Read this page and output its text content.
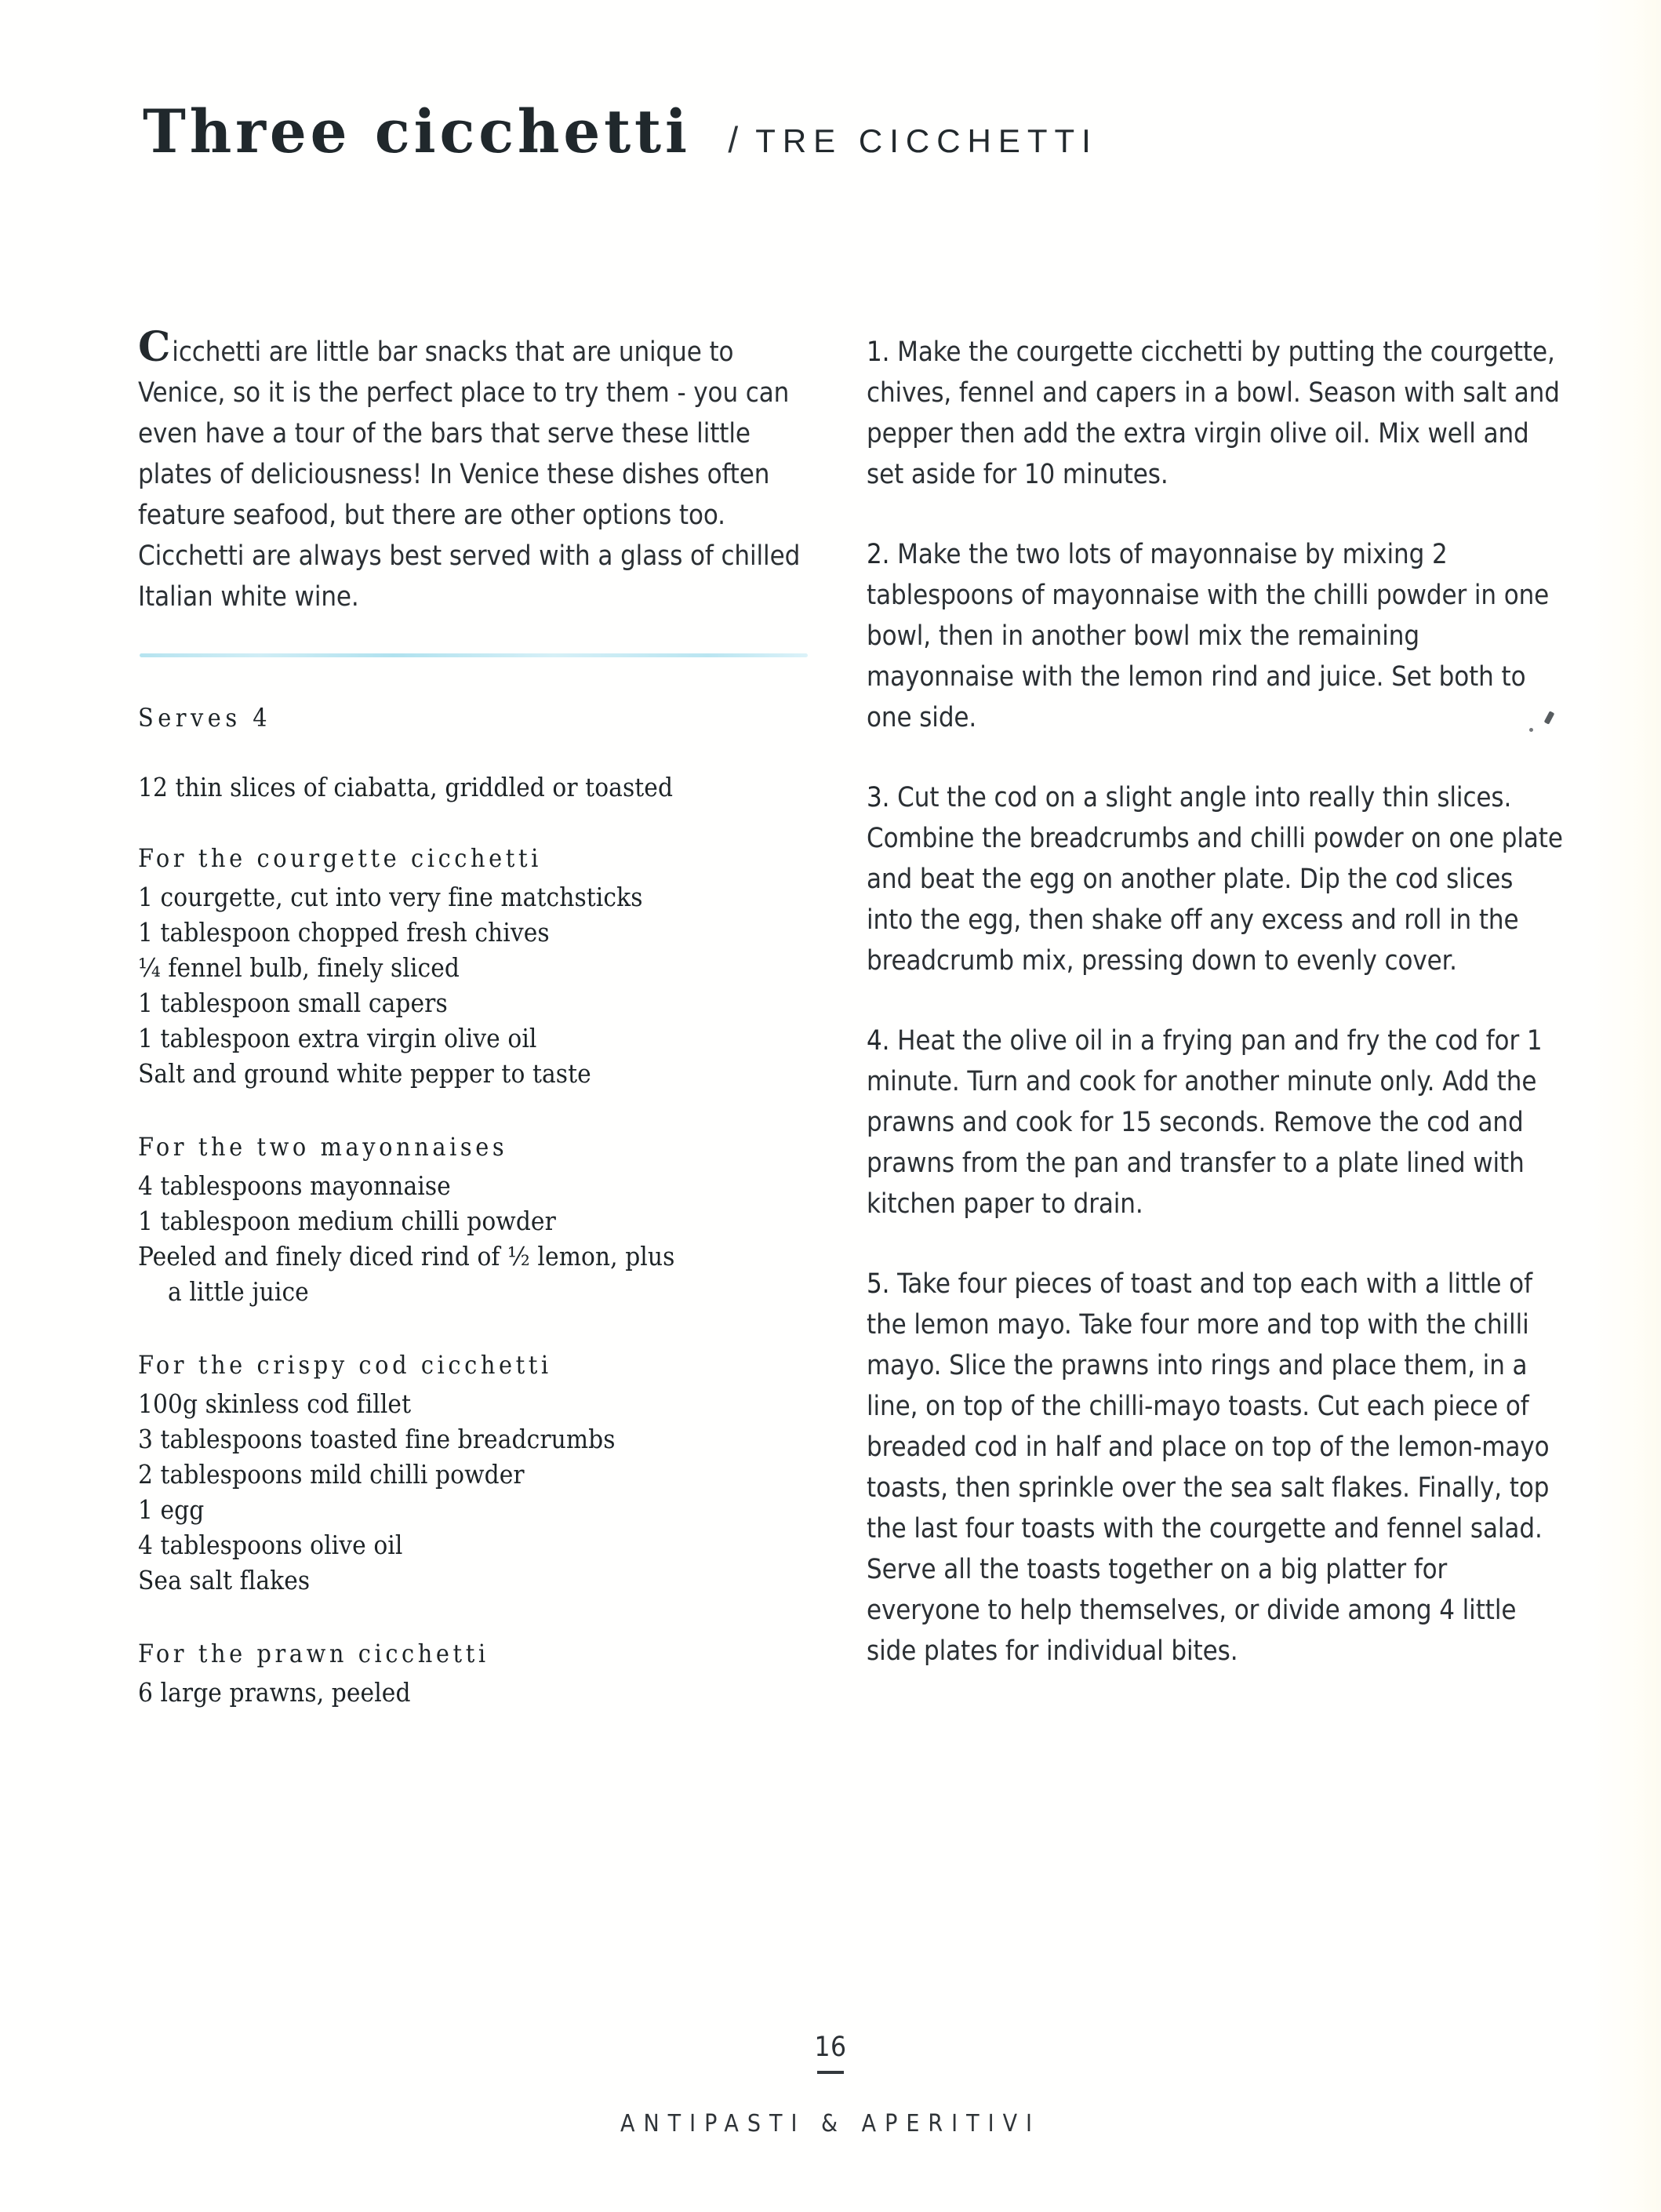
Three cicchetti / TRE CICCHETTI

Cicchetti are little bar snacks that are unique to Venice, so it is the perfect place to try them - you can even have a tour of the bars that serve these little plates of deliciousness! In Venice these dishes often feature seafood, but there are other options too. Cicchetti are always best served with a glass of chilled Italian white wine.

Serves 4
12 thin slices of ciabatta, griddled or toasted
For the courgette cicchetti
1 courgette, cut into very fine matchsticks
1 tablespoon chopped fresh chives
¼ fennel bulb, finely sliced
1 tablespoon small capers
1 tablespoon extra virgin olive oil
Salt and ground white pepper to taste
For the two mayonnaises
4 tablespoons mayonnaise
1 tablespoon medium chilli powder
Peeled and finely diced rind of ½ lemon, plus
a little juice
For the crispy cod cicchetti
100g skinless cod fillet
3 tablespoons toasted fine breadcrumbs
2 tablespoons mild chilli powder
1 egg
4 tablespoons olive oil
Sea salt flakes
For the prawn cicchetti
6 large prawns, peeled

1. Make the courgette cicchetti by putting the courgette, chives, fennel and capers in a bowl. Season with salt and pepper then add the extra virgin olive oil. Mix well and set aside for 10 minutes.

2. Make the two lots of mayonnaise by mixing 2 tablespoons of mayonnaise with the chilli powder in one bowl, then in another bowl mix the remaining mayonnaise with the lemon rind and juice. Set both to one side.

3. Cut the cod on a slight angle into really thin slices. Combine the breadcrumbs and chilli powder on one plate and beat the egg on another plate. Dip the cod slices into the egg, then shake off any excess and roll in the breadcrumb mix, pressing down to evenly cover.

4. Heat the olive oil in a frying pan and fry the cod for 1 minute. Turn and cook for another minute only. Add the prawns and cook for 15 seconds. Remove the cod and prawns from the pan and transfer to a plate lined with kitchen paper to drain.

5. Take four pieces of toast and top each with a little of the lemon mayo. Take four more and top with the chilli mayo. Slice the prawns into rings and place them, in a line, on top of the chilli-mayo toasts. Cut each piece of breaded cod in half and place on top of the lemon-mayo toasts, then sprinkle over the sea salt flakes. Finally, top the last four toasts with the courgette and fennel salad. Serve all the toasts together on a big platter for everyone to help themselves, or divide among 4 little side plates for individual bites.

16
ANTIPASTI & APERITIVI
